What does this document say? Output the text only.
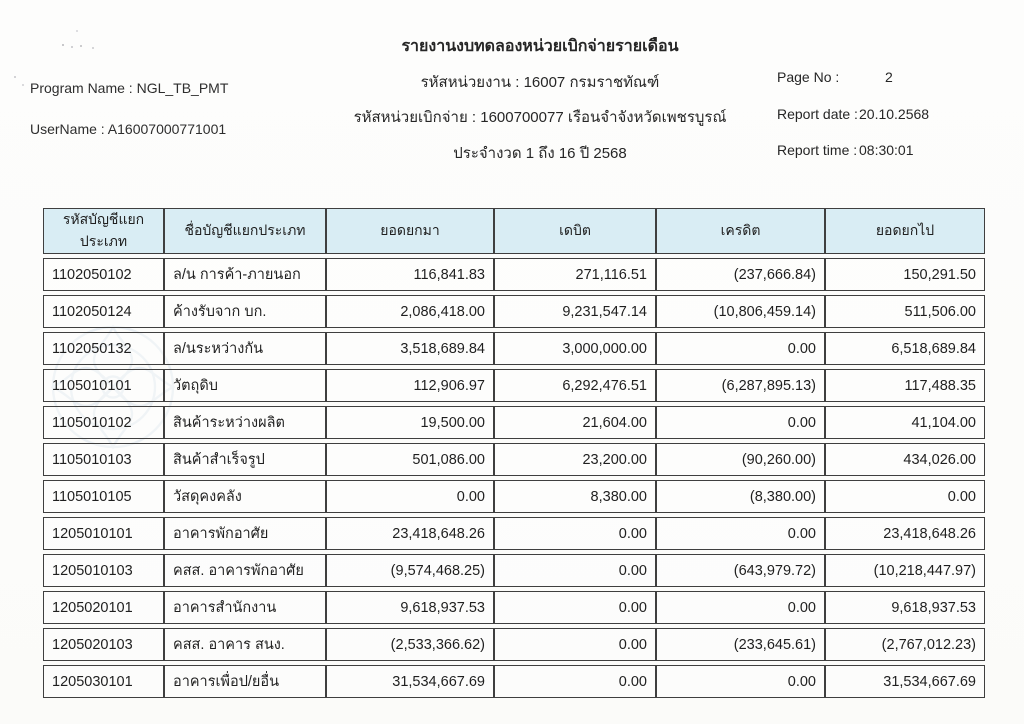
รายงานงบทดลองหน่วยเบิกจ่ายรายเดือน
รหัสหน่วยงาน : 16007 กรมราชทัณฑ์
รหัสหน่วยเบิกจ่าย : 1600700077 เรือนจำจังหวัดเพชรบูรณ์
ประจำงวด 1 ถึง 16 ปี 2568
Program Name : NGL_TB_PMT
UserName : A16007000771001
Page No :	2
Report date : 20.10.2568
Report time : 08:30:01
รหัสบัญชีแยกประเภท	ชื่อบัญชีแยกประเภท	ยอดยกมา	เดบิต	เครดิต	ยอดยกไป
1102050102	ล/น การค้า-ภายนอก	116,841.83	271,116.51	(237,666.84)	150,291.50
1102050124	ค้างรับจาก บก.	2,086,418.00	9,231,547.14	(10,806,459.14)	511,506.00
1102050132	ล/นระหว่างกัน	3,518,689.84	3,000,000.00	0.00	6,518,689.84
1105010101	วัตถุดิบ	112,906.97	6,292,476.51	(6,287,895.13)	117,488.35
1105010102	สินค้าระหว่างผลิต	19,500.00	21,604.00	0.00	41,104.00
1105010103	สินค้าสำเร็จรูป	501,086.00	23,200.00	(90,260.00)	434,026.00
1105010105	วัสดุคงคลัง	0.00	8,380.00	(8,380.00)	0.00
1205010101	อาคารพักอาศัย	23,418,648.26	0.00	0.00	23,418,648.26
1205010103	คสส. อาคารพักอาศัย	(9,574,468.25)	0.00	(643,979.72)	(10,218,447.97)
1205020101	อาคารสำนักงาน	9,618,937.53	0.00	0.00	9,618,937.53
1205020103	คสส. อาคาร สนง.	(2,533,366.62)	0.00	(233,645.61)	(2,767,012.23)
1205030101	อาคารเพื่อป/ยอื่น	31,534,667.69	0.00	0.00	31,534,667.69
